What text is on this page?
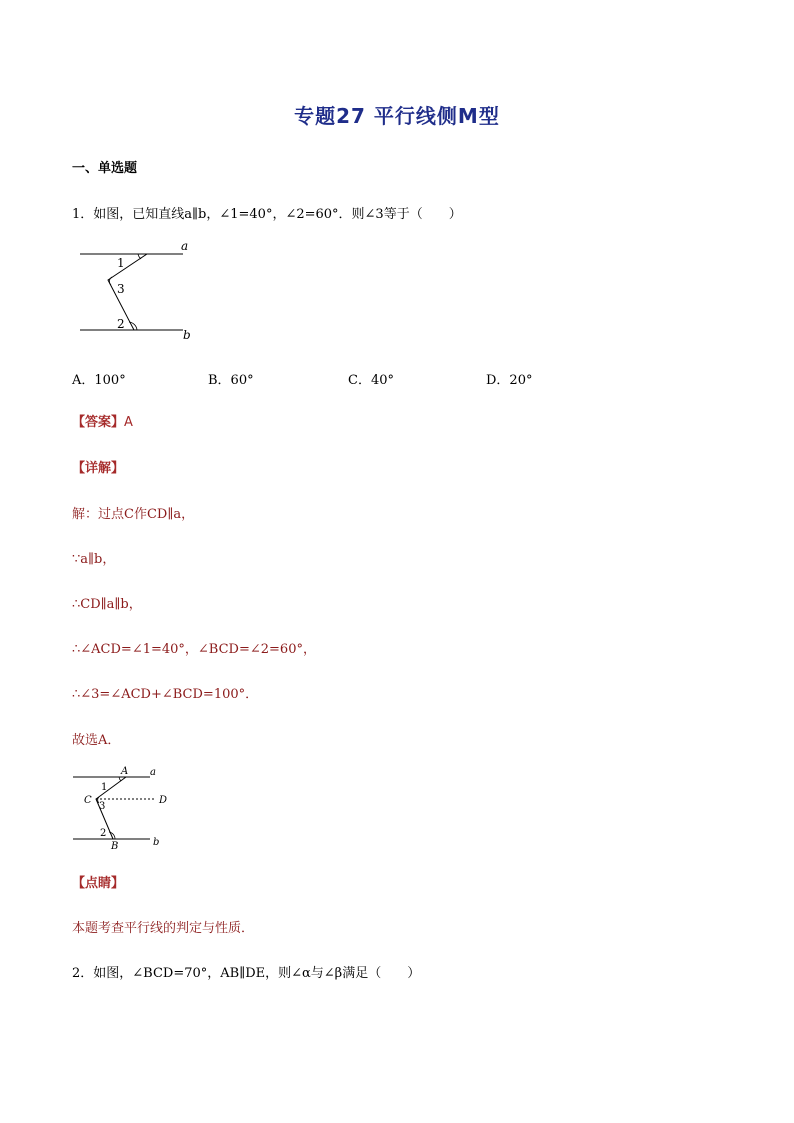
专题27 平行线侧M型
一、单选题
1．如图，已知直线a∥b，∠1=40°，∠2=60°．则∠3等于（　　）
a
b
1
3
2
A．100°	B．60°	C．40°	D．20°
【答案】A
【详解】
解：过点C作CD∥a，
∵a∥b，
∴CD∥a∥b，
∴∠ACD=∠1=40°，∠BCD=∠2=60°，
∴∠3=∠ACD+∠BCD=100°．
故选A．
A a
C	D
1
3
2
B	b
【点睛】
本题考查平行线的判定与性质．
2．如图，∠BCD=70°，AB∥DE，则∠α与∠β满足（　　）
